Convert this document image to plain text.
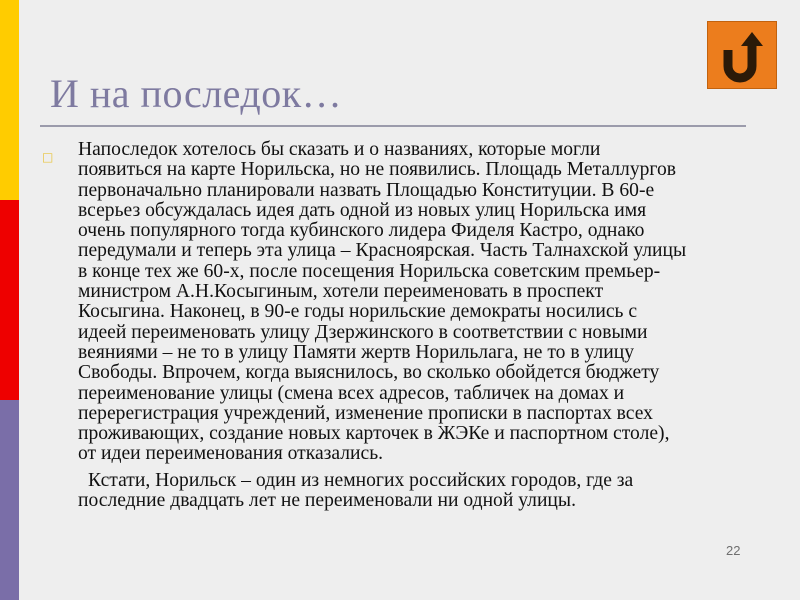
И на последок…
□ Напоследок хотелось бы сказать и о названиях, которые могли
появиться на карте Норильска, но не появились. Площадь Металлургов
первоначально планировали назвать Площадью Конституции. В 60-е
всерьез обсуждалась идея дать одной из новых улиц Норильска имя
очень популярного тогда кубинского лидера Фиделя Кастро, однако
передумали и теперь эта улица – Красноярская. Часть Талнахской улицы
в конце тех же 60-х, после посещения Норильска советским премьер-
министром А.Н.Косыгиным, хотели переименовать в проспект
Косыгина. Наконец, в 90-е годы норильские демократы носились с
идеей переименовать улицу Дзержинского в соответствии с новыми
веяниями – не то в улицу Памяти жертв Норильлага, не то в улицу
Свободы. Впрочем, когда выяснилось, во сколько обойдется бюджету
переименование улицы (смена всех адресов, табличек на домах и
перерегистрация учреждений, изменение прописки в паспортах всех
проживающих, создание новых карточек в ЖЭКе и паспортном столе),
от идеи переименования отказались.
Кстати, Норильск – один из немногих российских городов, где за
последние двадцать лет не переименовали ни одной улицы.
22
